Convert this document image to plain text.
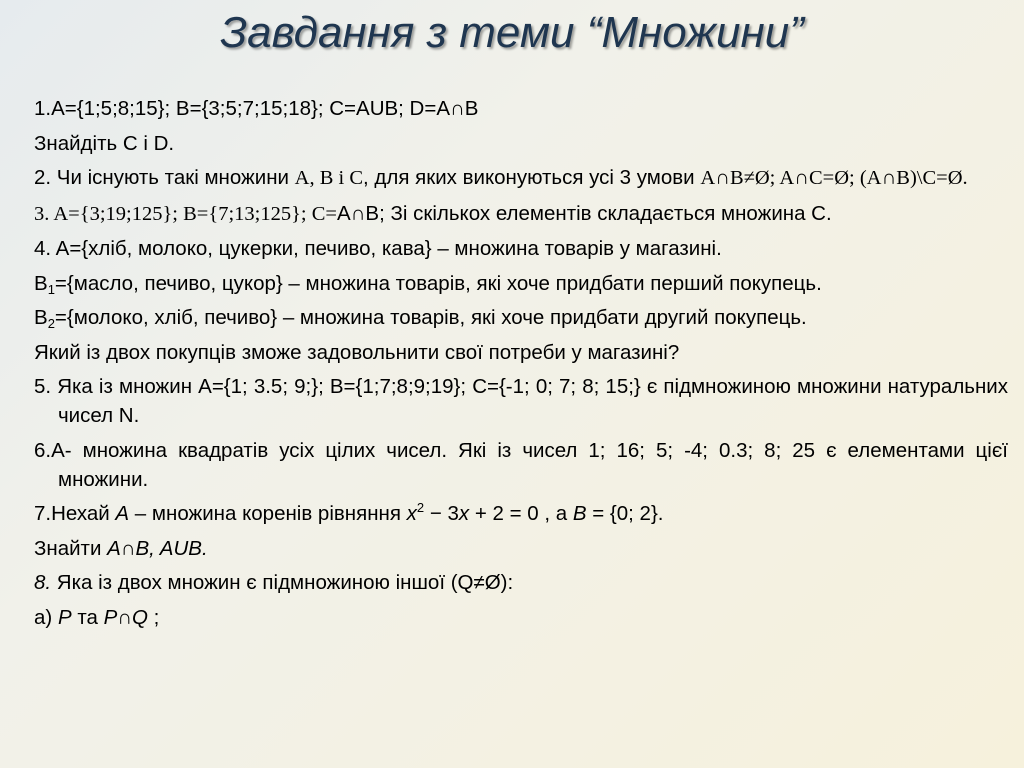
Завдання з теми “Множини”
1.A={1;5;8;15}; B={3;5;7;15;18}; C=AUB; D=A∩B
Знайдіть C і D.
2. Чи існують такі множини A, B і C, для яких виконуються усі 3 умови A∩B≠Ø; A∩C=Ø; (A∩B)\C=Ø.
3. A={3;19;125}; B={7;13;125}; C=A∩B; Зі скількох елементів складається множина C.
4. A={хліб, молоко, цукерки, печиво, кава} – множина товарів у магазині.
$B_1=\{масло$, печиво, цукор} – множина товарів, які хоче придбати перший покупець.
$B_2=\{молоко$, хліб, печиво} – множина товарів, які хоче придбати другий покупець.
Який із двох покупців зможе задовольнити свої потреби у магазині?
5. Яка із множин A={1; 3.5; 9;}; B={1;7;8;9;19}; C={-1; 0; 7; 8; 15;} є підмножиною множини натуральних чисел N.
6.A- множина квадратів усіх цілих чисел. Які із чисел 1; 16; 5; -4; 0.3; 8; 25 є елементами цієї множини.
7.Нехай A – множина коренів рівняння $x^2 - 3x + 2 = 0$ , а B = {0; 2}.
Знайти A∩B, AUB.
8. Яка із двох множин є підмножиною іншої (Q≠Ø):
а) P та P∩Q ;
